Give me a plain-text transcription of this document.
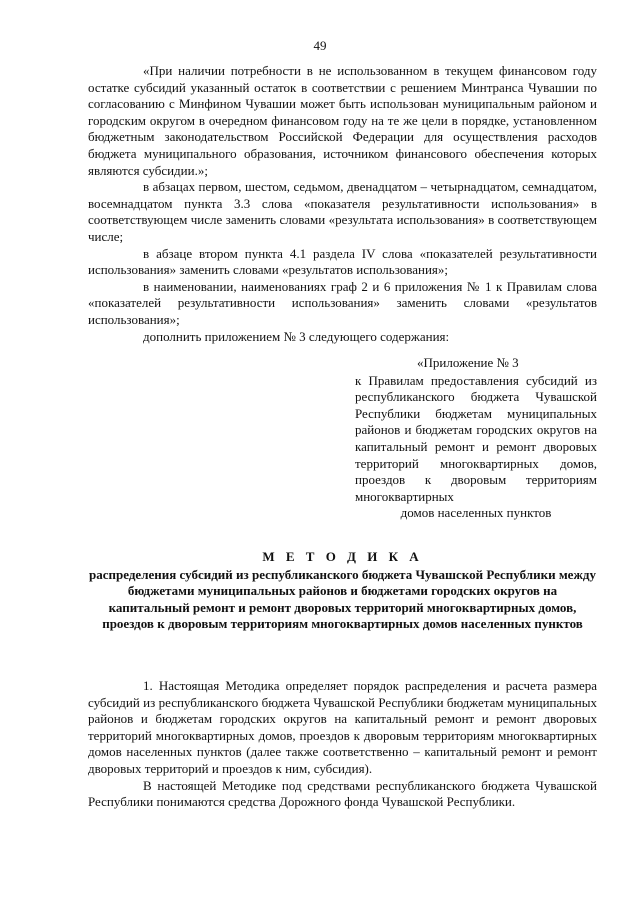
49

«При наличии потребности в не использованном в текущем финансовом году остатке субсидий указанный остаток в соответствии с решением Минтранса Чувашии по согласованию с Минфином Чувашии может быть использован муниципальным районом и городским округом в очередном финансовом году на те же цели в порядке, установленном бюджетным законодательством Российской Федерации для осуществления расходов бюджета муниципального образования, источником финансового обеспечения которых являются субсидии.»;

в абзацах первом, шестом, седьмом, двенадцатом – четырнадцатом, семнадцатом, восемнадцатом пункта 3.3 слова «показателя результативности использования» в соответствующем числе заменить словами «результата использования» в соответствующем числе;

в абзаце втором пункта 4.1 раздела IV слова «показателей результативности использования» заменить словами «результатов использования»;

в наименовании, наименованиях граф 2 и 6 приложения № 1 к Правилам слова «показателей результативности использования» заменить словами «результатов использования»;

дополнить приложением № 3 следующего содержания:

«Приложение № 3
к Правилам предоставления субсидий из республиканского бюджета Чувашской Республики бюджетам муниципальных районов и бюджетам городских округов на капитальный ремонт и ремонт дворовых территорий многоквартирных домов, проездов к дворовым территориям многоквартирных
домов населенных пунктов
М Е Т О Д И К А
распределения субсидий из республиканского бюджета Чувашской Республики между бюджетами муниципальных районов и бюджетами городских округов на капитальный ремонт и ремонт дворовых территорий многоквартирных домов, проездов к дворовым территориям многоквартирных домов населенных пунктов

1. Настоящая Методика определяет порядок распределения и расчета размера субсидий из республиканского бюджета Чувашской Республики бюджетам муниципальных районов и бюджетам городских округов на капитальный ремонт и ремонт дворовых территорий многоквартирных домов, проездов к дворовым территориям многоквартирных домов населенных пунктов (далее также соответственно – капитальный ремонт и ремонт дворовых территорий и проездов к ним, субсидия).

В настоящей Методике под средствами республиканского бюджета Чувашской Республики понимаются средства Дорожного фонда Чувашской Республики.
